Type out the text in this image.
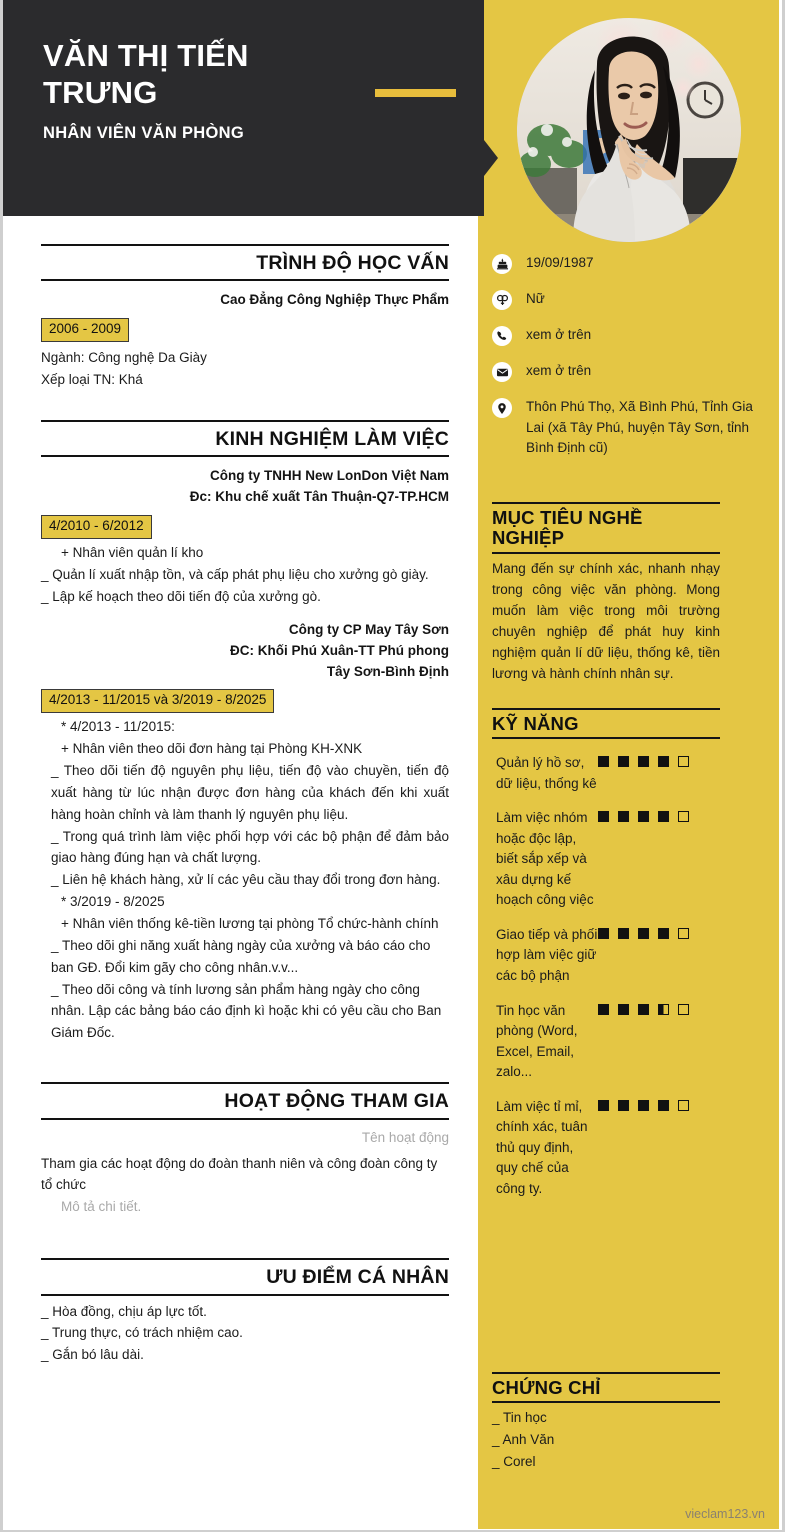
19/09/1987
Nữ
xem ở trên
xem ở trên
Thôn Phú Thọ, Xã Bình Phú, Tỉnh Gia Lai (xã Tây Phú, huyện Tây Sơn, tỉnh Bình Định cũ)
MỤC TIÊU NGHỀ NGHIỆP
Mang đến sự chính xác, nhanh nhạy trong công việc văn phòng. Mong muốn làm việc trong môi trường chuyên nghiệp để phát huy kinh nghiệm quản lí dữ liệu, thống kê, tiền lương và hành chính nhân sự.
KỸ NĂNG
Quản lý hồ sơ, dữ liệu, thống kê
Làm việc nhóm hoặc độc lập, biết sắp xếp và xâu dựng kế hoạch công việc
Giao tiếp và phối hợp làm việc giữ các bộ phận
Tin học văn phòng (Word, Excel, Email, zalo...
Làm việc tỉ mỉ, chính xác, tuân thủ quy định, quy chế của công ty.
CHỨNG CHỈ
_ Tin học
_ Anh Văn
_ Corel
vieclam123.vn
VĂN THỊ TIẾN TRƯNG
NHÂN VIÊN VĂN PHÒNG
TRÌNH ĐỘ HỌC VẤN
Cao Đẳng Công Nghiệp Thực Phẩm
2006 - 2009
Ngành: Công nghệ Da Giày
Xếp loại TN: Khá
KINH NGHIỆM LÀM VIỆC
Công ty TNHH New LonDon Việt Nam
Đc: Khu chế xuất Tân Thuận-Q7-TP.HCM
4/2010 - 6/2012
+ Nhân viên quản lí kho
_ Quản lí xuất nhập tồn, và cấp phát phụ liệu cho xưởng gò giày.
_ Lập kế hoạch theo dõi tiến độ của xưởng gò.
Công ty CP May Tây Sơn
ĐC: Khối Phú Xuân-TT Phú phong
Tây Sơn-Bình Định
4/2013 - 11/2015 và 3/2019 - 8/2025
* 4/2013 - 11/2015:
+ Nhân viên theo dõi đơn hàng tại Phòng KH-XNK
_ Theo dõi tiến độ nguyên phụ liệu, tiến độ vào chuyền, tiến độ xuất hàng từ lúc nhận được đơn hàng của khách đến khi xuất hàng hoàn chỉnh và làm thanh lý nguyên phụ liệu.
_ Trong quá trình làm việc phối hợp với các bộ phận để đảm bảo giao hàng đúng hạn và chất lượng.
_ Liên hệ khách hàng, xử lí các yêu cầu thay đổi trong đơn hàng.
* 3/2019 - 8/2025
+ Nhân viên thống kê-tiền lương tại phòng Tổ chức-hành chính
_ Theo dõi ghi năng xuất hàng ngày của xưởng và báo cáo cho ban GĐ. Đổi kim gãy cho công nhân.v.v...
_ Theo dõi công và tính lương sản phẩm hàng ngày cho công nhân. Lập các bảng báo cáo định kì hoặc khi có yêu cầu cho Ban Giám Đốc.
HOẠT ĐỘNG THAM GIA
Tên hoạt động
Tham gia các hoạt động do đoàn thanh niên và công đoàn công ty tổ chức
Mô tả chi tiết.
ƯU ĐIỂM CÁ NHÂN
_ Hòa đồng, chịu áp lực tốt.
_ Trung thực, có trách nhiệm cao.
_ Gắn bó lâu dài.
